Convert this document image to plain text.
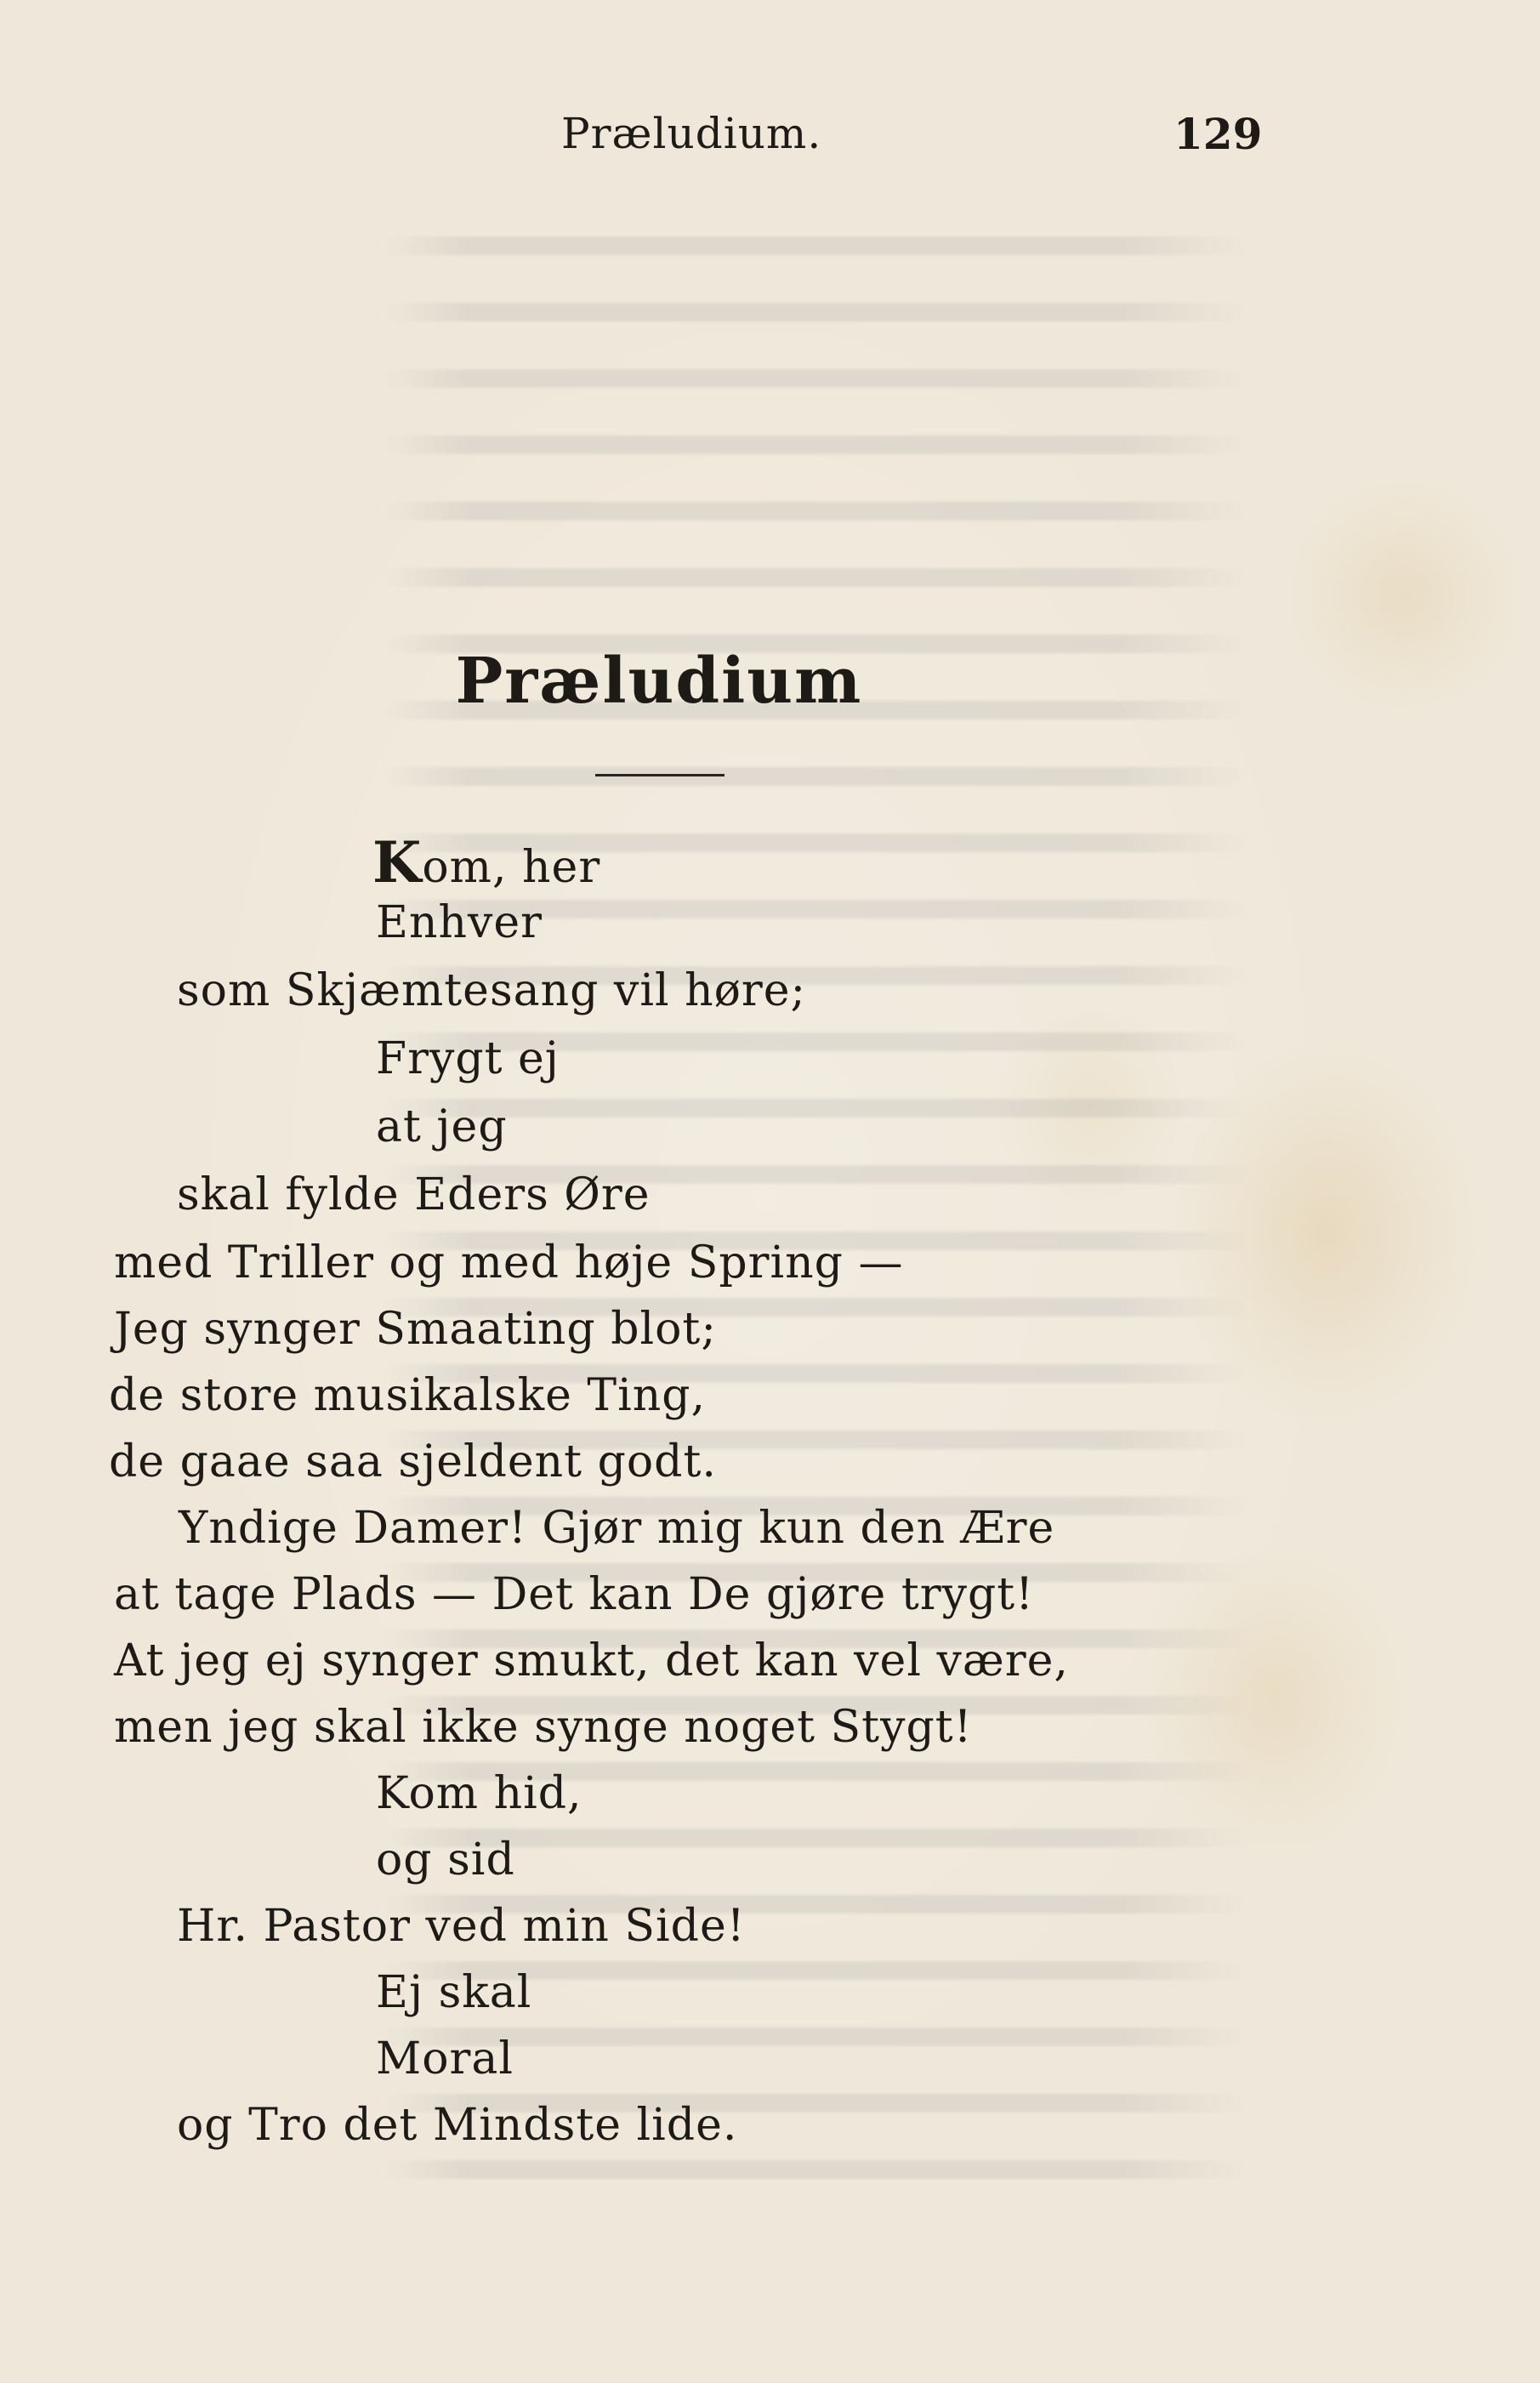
Præludium.	129
Præludium
Kom, her
Enhver
som Skjæmtesang vil høre;
Frygt ej
at jeg
skal fylde Eders Øre
med Triller og med høje Spring —
Jeg synger Smaating blot;
de store musikalske Ting,
de gaae saa sjeldent godt.
Yndige Damer! Gjør mig kun den Ære
at tage Plads — Det kan De gjøre trygt!
At jeg ej synger smukt, det kan vel være,
men jeg skal ikke synge noget Stygt!
Kom hid,
og sid
Hr. Pastor ved min Side!
Ej skal
Moral
og Tro det Mindste lide.
